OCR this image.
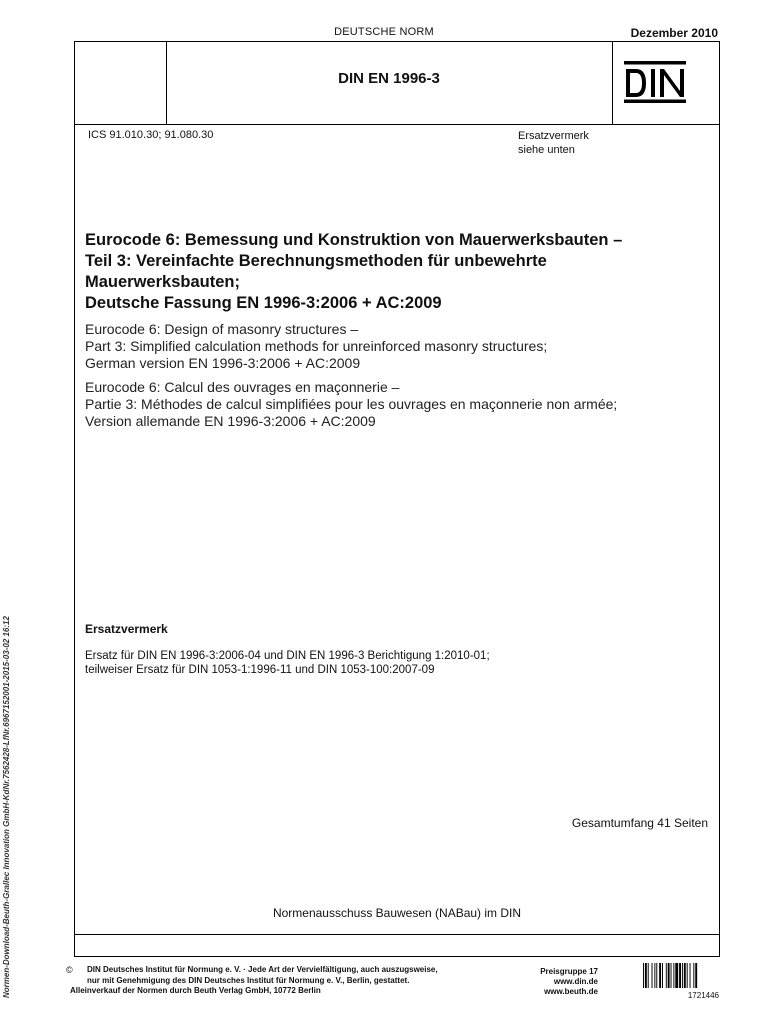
DEUTSCHE NORM	Dezember 2010
DIN EN 1996-3
ICS 91.010.30; 91.080.30	Ersatzvermerk
siehe unten
Eurocode 6: Bemessung und Konstruktion von Mauerwerksbauten –
Teil 3: Vereinfachte Berechnungsmethoden für unbewehrte
Mauerwerksbauten;
Deutsche Fassung EN 1996-3:2006 + AC:2009
Eurocode 6: Design of masonry structures –
Part 3: Simplified calculation methods for unreinforced masonry structures;
German version EN 1996-3:2006 + AC:2009
Eurocode 6: Calcul des ouvrages en maçonnerie –
Partie 3: Méthodes de calcul simplifiées pour les ouvrages en maçonnerie non armée;
Version allemande EN 1996-3:2006 + AC:2009
Ersatzvermerk
Ersatz für DIN EN 1996-3:2006-04 und DIN EN 1996-3 Berichtigung 1:2010-01;
teilweiser Ersatz für DIN 1053-1:1996-11 und DIN 1053-100:2007-09
Gesamtumfang 41 Seiten
Normenausschuss Bauwesen (NABau) im DIN
Normen-Download-Beuth-Grallec Innovation GmbH-KdNr.7562428-LfNr.6967152001-2015-03-02 16:12	©	DIN Deutsches Institut für Normung e. V. · Jede Art der Vervielfältigung, auch auszugsweise,
nur mit Genehmigung des DIN Deutsches Institut für Normung e. V., Berlin, gestattet.
Alleinverkauf der Normen durch Beuth Verlag GmbH, 10772 Berlin
Preisgruppe 17
www.din.de
www.beuth.de	1721446
